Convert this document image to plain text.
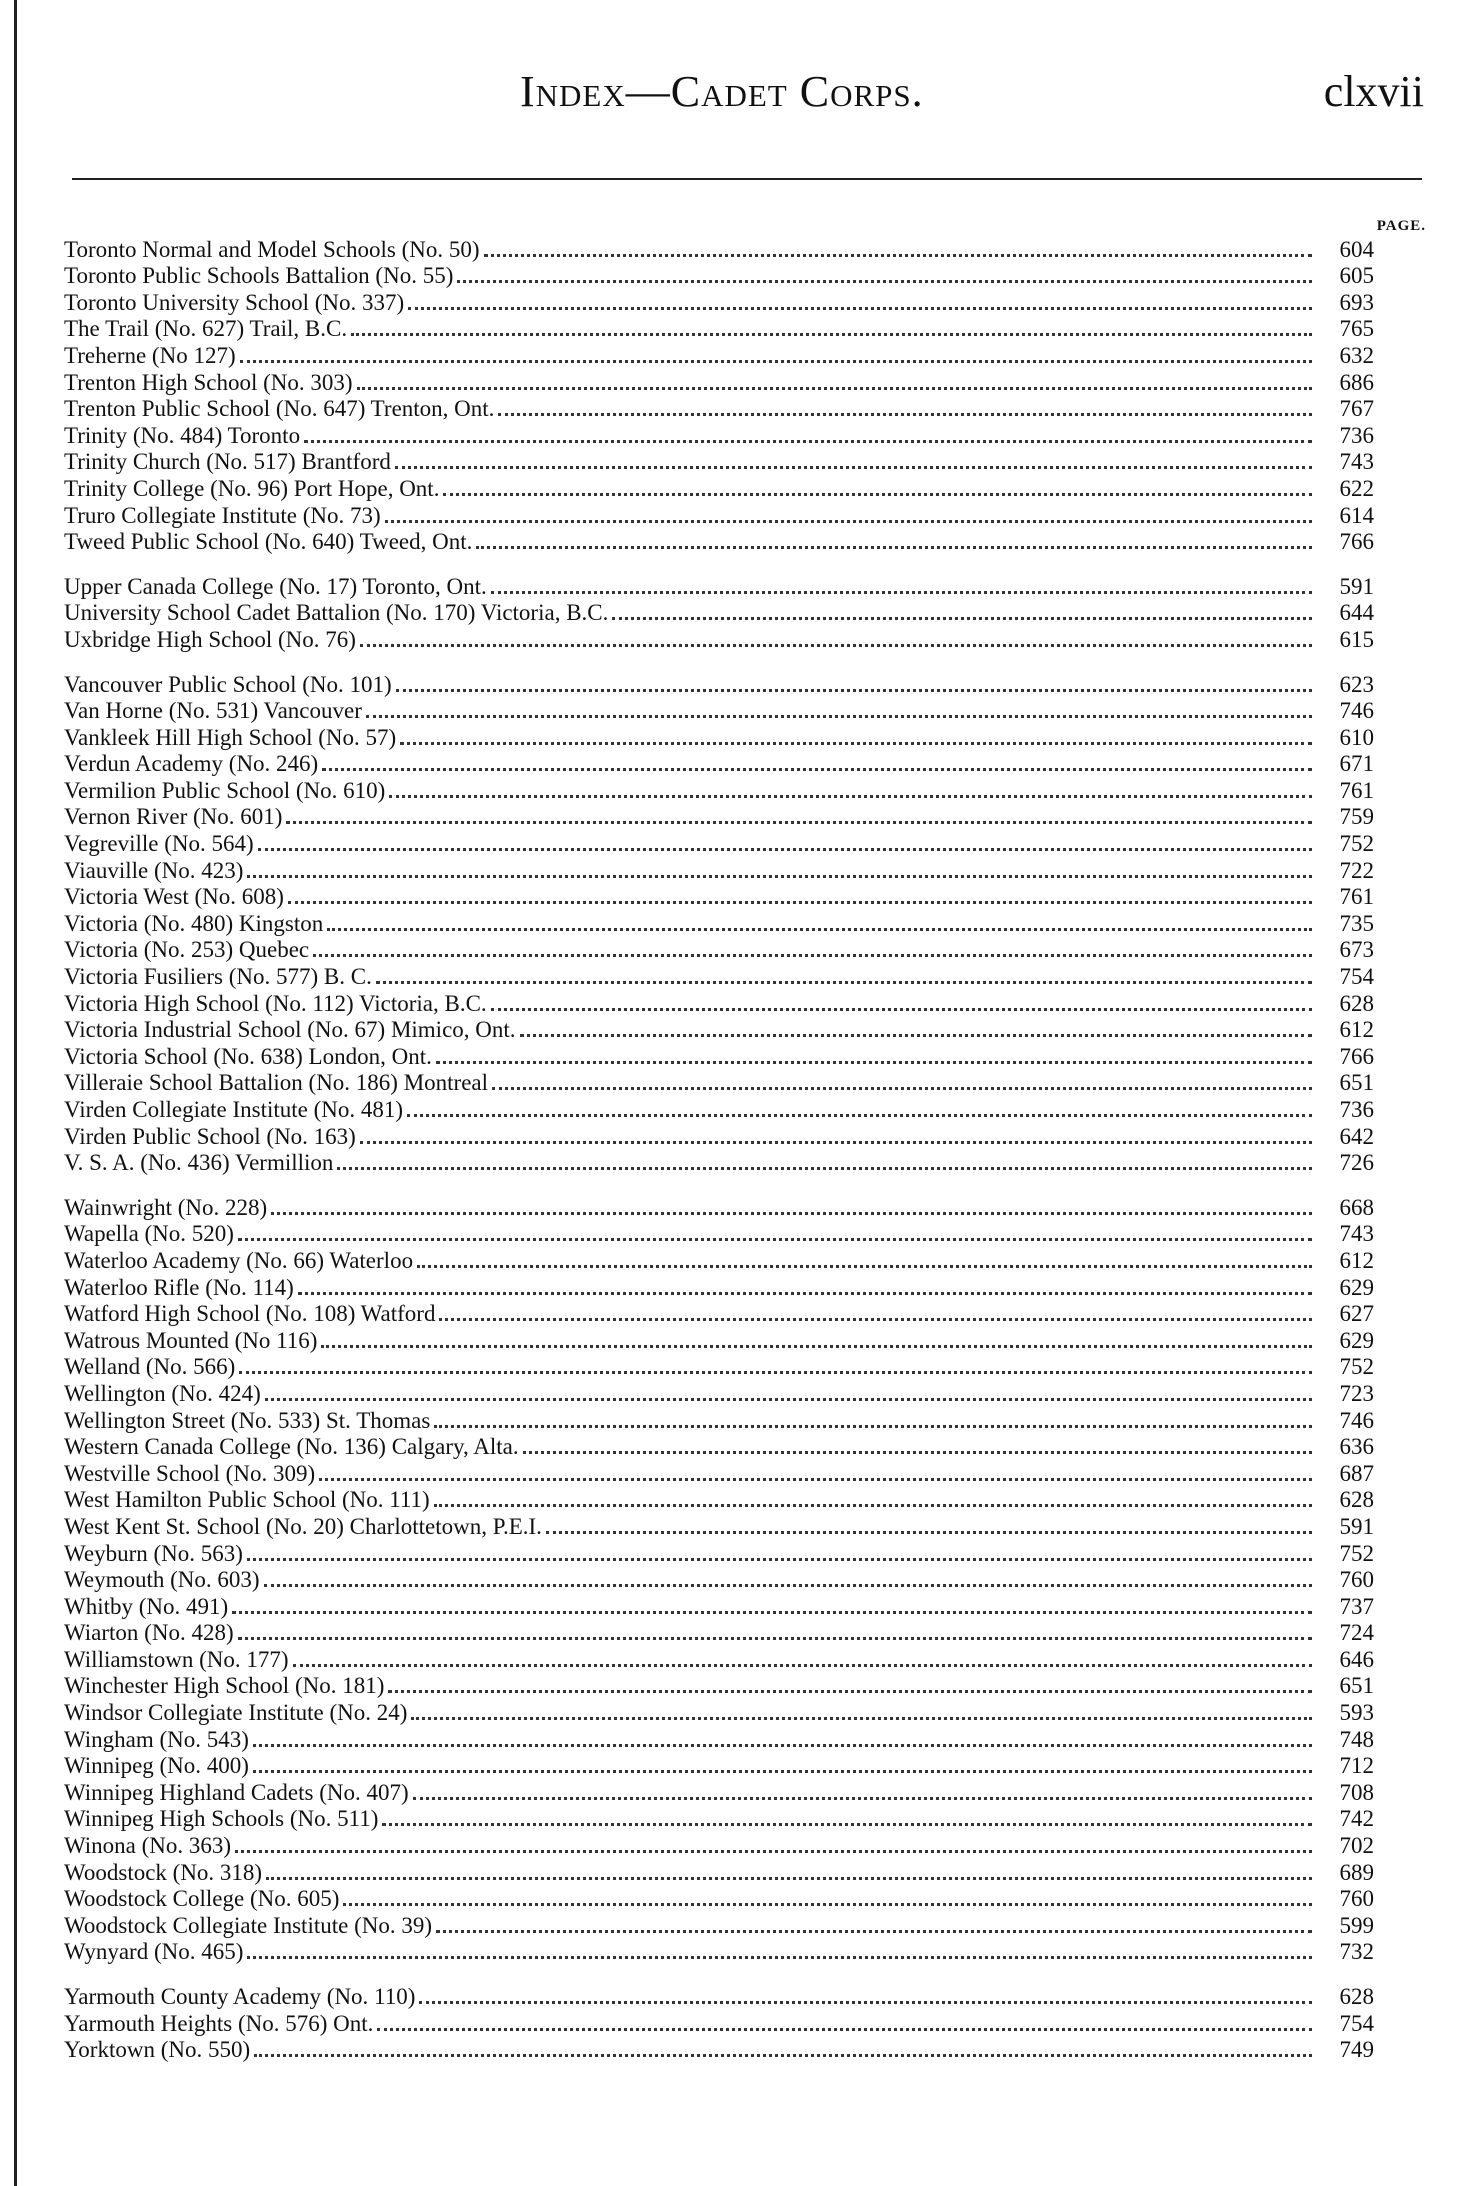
Index—Cadet Corps.	clxvii
PAGE.
Toronto Normal and Model Schools (No. 50)	604
Toronto Public Schools Battalion (No. 55)	605
Toronto University School (No. 337)	693
The Trail (No. 627) Trail, B.C.	765
Treherne (No 127)	632
Trenton High School (No. 303)	686
Trenton Public School (No. 647) Trenton, Ont.	767
Trinity (No. 484) Toronto	736
Trinity Church (No. 517) Brantford	743
Trinity College (No. 96) Port Hope, Ont.	622
Truro Collegiate Institute (No. 73)	614
Tweed Public School (No. 640) Tweed, Ont.	766
Upper Canada College (No. 17) Toronto, Ont.	591
University School Cadet Battalion (No. 170) Victoria, B.C.	644
Uxbridge High School (No. 76)	615
Vancouver Public School (No. 101)	623
Van Horne (No. 531) Vancouver	746
Vankleek Hill High School (No. 57)	610
Verdun Academy (No. 246)	671
Vermilion Public School (No. 610)	761
Vernon River (No. 601)	759
Vegreville (No. 564)	752
Viauville (No. 423)	722
Victoria West (No. 608)	761
Victoria (No. 480) Kingston	735
Victoria (No. 253) Quebec	673
Victoria Fusiliers (No. 577) B. C.	754
Victoria High School (No. 112) Victoria, B.C.	628
Victoria Industrial School (No. 67) Mimico, Ont.	612
Victoria School (No. 638) London, Ont.	766
Villeraie School Battalion (No. 186) Montreal	651
Virden Collegiate Institute (No. 481)	736
Virden Public School (No. 163)	642
V. S. A. (No. 436) Vermillion	726
Wainwright (No. 228)	668
Wapella (No. 520)	743
Waterloo Academy (No. 66) Waterloo	612
Waterloo Rifle (No. 114)	629
Watford High School (No. 108) Watford	627
Watrous Mounted (No 116)	629
Welland (No. 566)	752
Wellington (No. 424)	723
Wellington Street (No. 533) St. Thomas	746
Western Canada College (No. 136) Calgary, Alta.	636
Westville School (No. 309)	687
West Hamilton Public School (No. 111)	628
West Kent St. School (No. 20) Charlottetown, P.E.I.	591
Weyburn (No. 563)	752
Weymouth (No. 603)	760
Whitby (No. 491)	737
Wiarton (No. 428)	724
Williamstown (No. 177)	646
Winchester High School (No. 181)	651
Windsor Collegiate Institute (No. 24)	593
Wingham (No. 543)	748
Winnipeg (No. 400)	712
Winnipeg Highland Cadets (No. 407)	708
Winnipeg High Schools (No. 511)	742
Winona (No. 363)	702
Woodstock (No. 318)	689
Woodstock College (No. 605)	760
Woodstock Collegiate Institute (No. 39)	599
Wynyard (No. 465)	732
Yarmouth County Academy (No. 110)	628
Yarmouth Heights (No. 576) Ont.	754
Yorktown (No. 550)	749
